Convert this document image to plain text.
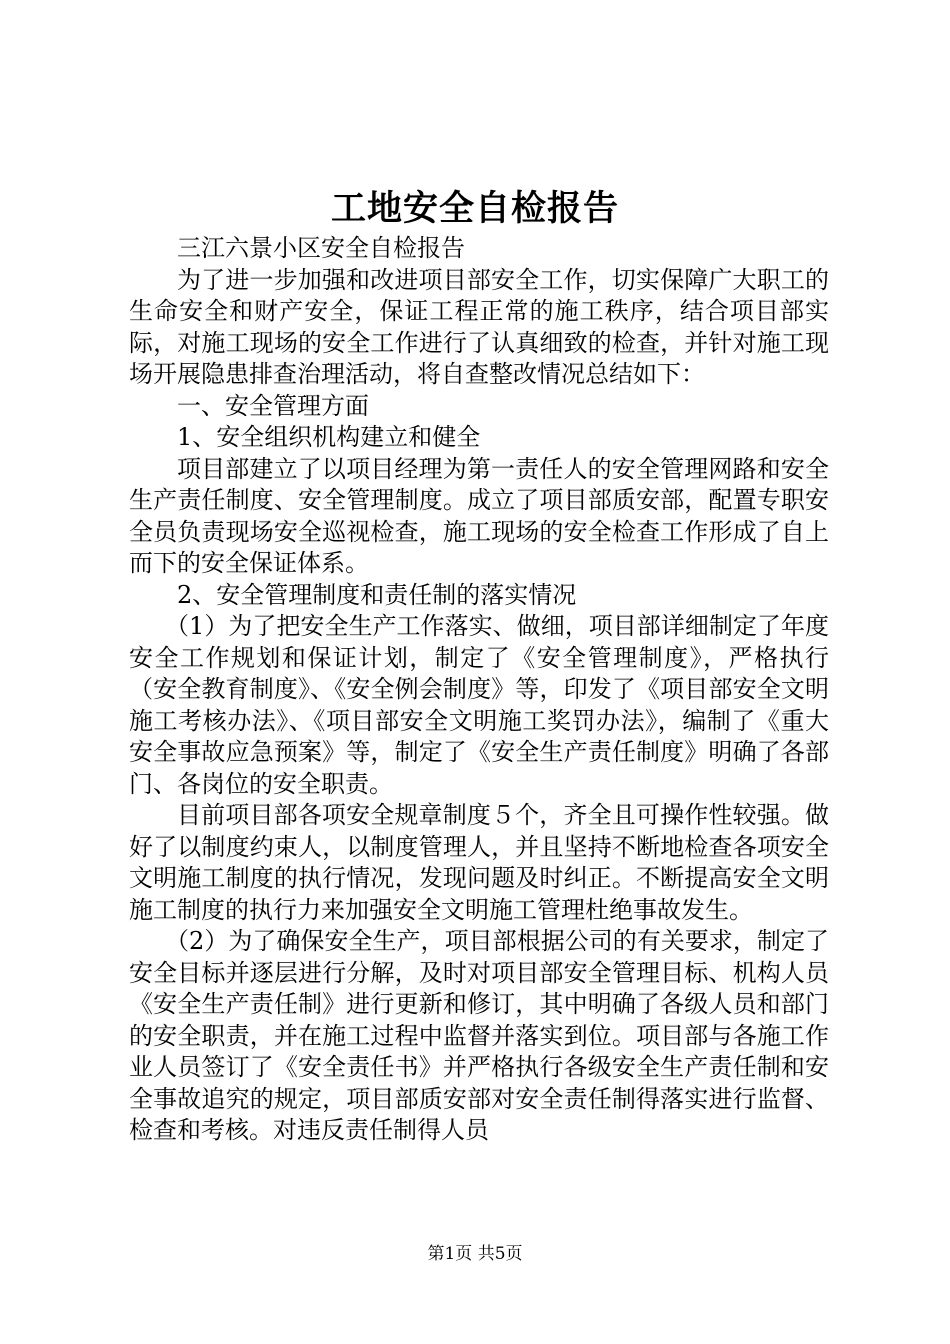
工地安全自检报告

三江六景小区安全自检报告

为了进一步加强和改进项目部安全工作，切实保障广大职工的生命安全和财产安全，保证工程正常的施工秩序，结合项目部实际，对施工现场的安全工作进行了认真细致的检查，并针对施工现场开展隐患排查治理活动，将自查整改情况总结如下：

一、安全管理方面

1、安全组织机构建立和健全

项目部建立了以项目经理为第一责任人的安全管理网路和安全生产责任制度、安全管理制度。成立了项目部质安部，配置专职安全员负责现场安全巡视检查，施工现场的安全检查工作形成了自上而下的安全保证体系。

2、安全管理制度和责任制的落实情况

（1）为了把安全生产工作落实、做细，项目部详细制定了年度安全工作规划和保证计划，制定了《安全管理制度》，严格执行（安全教育制度》、《安全例会制度》等，印发了《项目部安全文明施工考核办法》、《项目部安全文明施工奖罚办法》，编制了《重大安全事故应急预案》等，制定了《安全生产责任制度》明确了各部门、各岗位的安全职责。

目前项目部各项安全规章制度５个，齐全且可操作性较强。做好了以制度约束人，以制度管理人，并且坚持不断地检查各项安全文明施工制度的执行情况，发现问题及时纠正。不断提高安全文明施工制度的执行力来加强安全文明施工管理杜绝事故发生。

（2）为了确保安全生产，项目部根据公司的有关要求，制定了安全目标并逐层进行分解，及时对项目部安全管理目标、机构人员《安全生产责任制》进行更新和修订，其中明确了各级人员和部门的安全职责，并在施工过程中监督并落实到位。项目部与各施工作业人员签订了《安全责任书》并严格执行各级安全生产责任制和安全事故追究的规定，项目部质安部对安全责任制得落实进行监督、检查和考核。对违反责任制得人员

第1页 共5页
